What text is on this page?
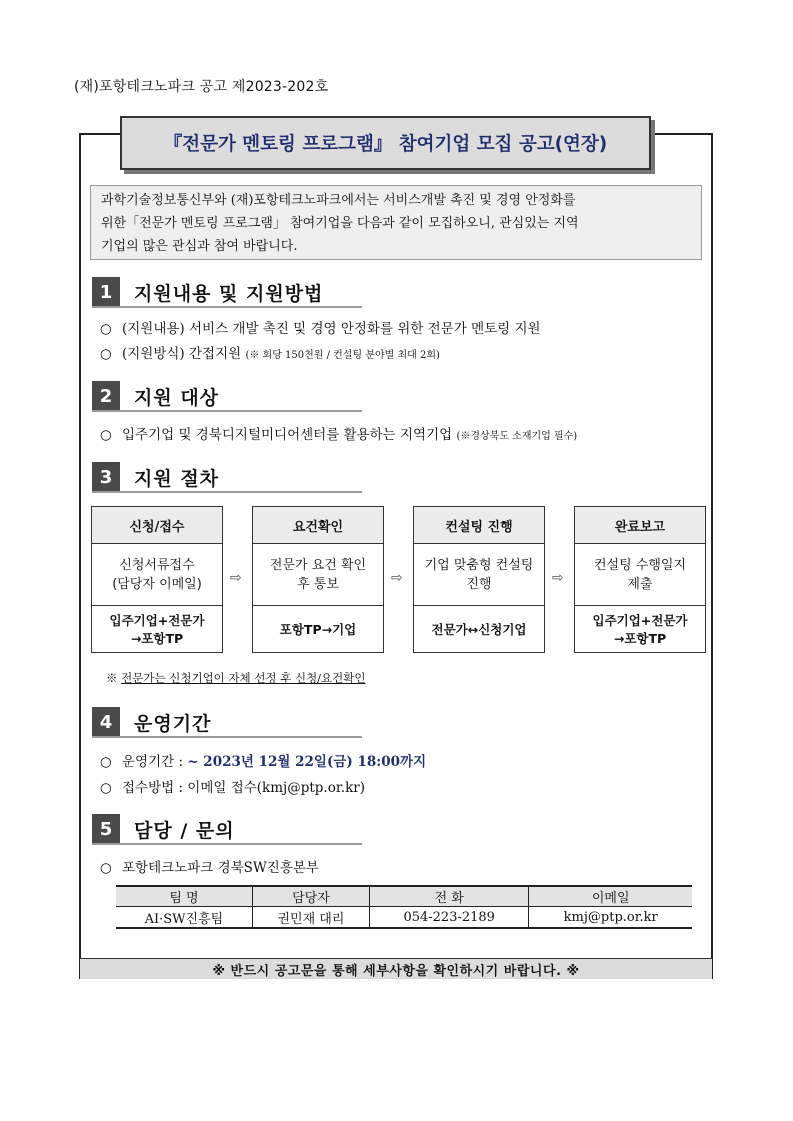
(재)포항테크노파크 공고 제2023-202호
『전문가 멘토링 프로그램』 참여기업 모집 공고(연장)
과학기술정보통신부와 (재)포항테크노파크에서는 서비스개발 촉진 및 경영 안정화를
위한「전문가 멘토링 프로그램」 참여기업을 다음과 같이 모집하오니, 관심있는 지역
기업의 많은 관심과 참여 바랍니다.
1	지원내용 및 지원방법
○ (지원내용) 서비스 개발 촉진 및 경영 안정화를 위한 전문가 멘토링 지원
○ (지원방식) 간접지원 (※ 회당 150천원 / 컨설팅 분야별 최대 2회)
2	지원 대상
○ 입주기업 및 경북디지털미디어센터를 활용하는 지역기업 (※경상북도 소재기업 필수)
3	지원 절차
신청/접수
신청서류접수
(담당자 이메일)
입주기업+전문가
→포항TP
⇨
요건확인
전문가 요건 확인
후 통보
포항TP→기업
⇨
컨설팅 진행
기업 맞춤형 컨설팅
진행
전문가↔신청기업
⇨
완료보고
컨설팅 수행일지
제출
입주기업+전문가
→포항TP
※ 전문가는 신청기업이 자체 선정 후 신청/요건확인
4	운영기간
○ 운영기간 : ~ 2023년 12월 22일(금) 18:00까지
○ 접수방법 : 이메일 접수(kmj@ptp.or.kr)
5	담당 / 문의
○ 포항테크노파크 경북SW진흥본부
팀 명	담당자	전 화	이메일
AI·SW진흥팀	권민재 대리	054-223-2189	kmj@ptp.or.kr
※ 반드시 공고문을 통해 세부사항을 확인하시기 바랍니다. ※
